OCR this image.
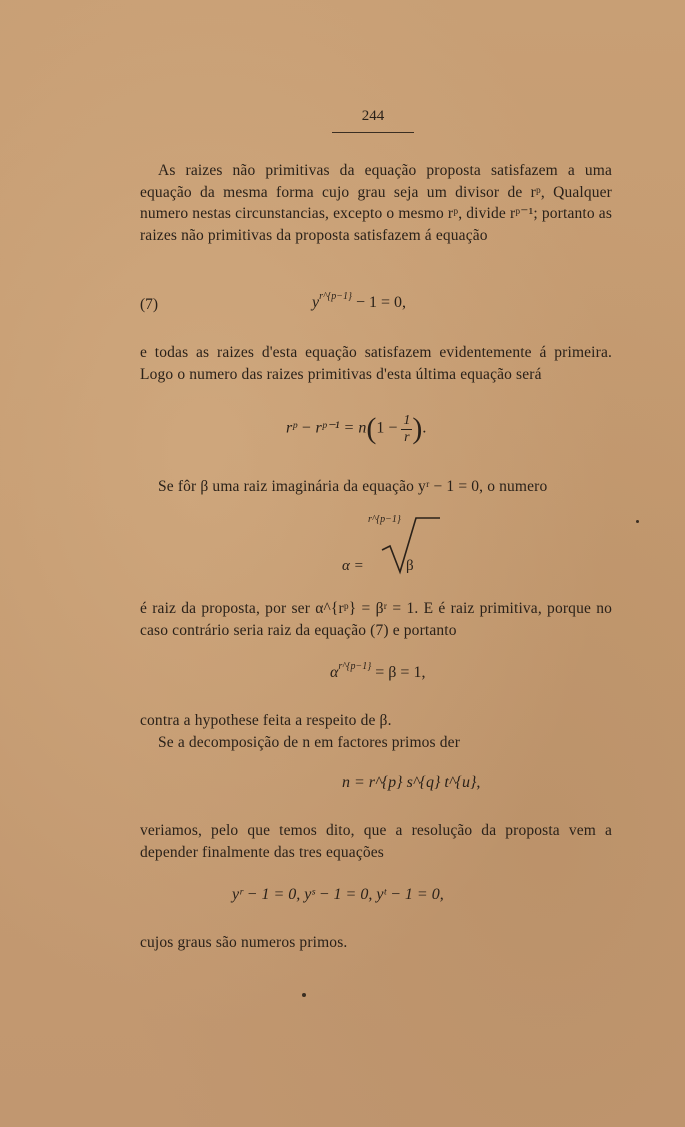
244
As raizes não primitivas da equação proposta satisfazem a uma equação da mesma forma cujo grau seja um divisor de rᵖ, Qualquer numero nestas circunstancias, excepto o mesmo rᵖ, divide rᵖ⁻¹; portanto as raizes não primitivas da proposta satisfazem á equação
(7)	$y^{r\^{}\{p-1\}} - 1 = 0$,
e todas as raizes d'esta equação satisfazem evidentemente á primeira. Logo o numero das raizes primitivas d'esta última equação será
rᵖ − rᵖ⁻¹ = $n(1 - \frac{1}{r}$ ).
Se fôr β uma raiz imaginária da equação yʳ − 1 = 0, o numero
r^{p−1}
α =	β
é raiz da proposta, por ser α^{rᵖ} = βʳ = 1. E é raiz primitiva, porque no caso contrário seria raiz da equação (7) e portanto
$\alpha^{r\^{}\{p-1\}} = \beta = 1$,
contra a hypothese feita a respeito de β.
Se a decomposição de n em factores primos der
n = r^{p} s^{q} t^{u},
veriamos, pelo que temos dito, que a resolução da proposta vem a depender finalmente das tres equações
yʳ − 1 = 0, yˢ − 1 = 0, yᵗ − 1 = 0,
cujos graus são numeros primos.
